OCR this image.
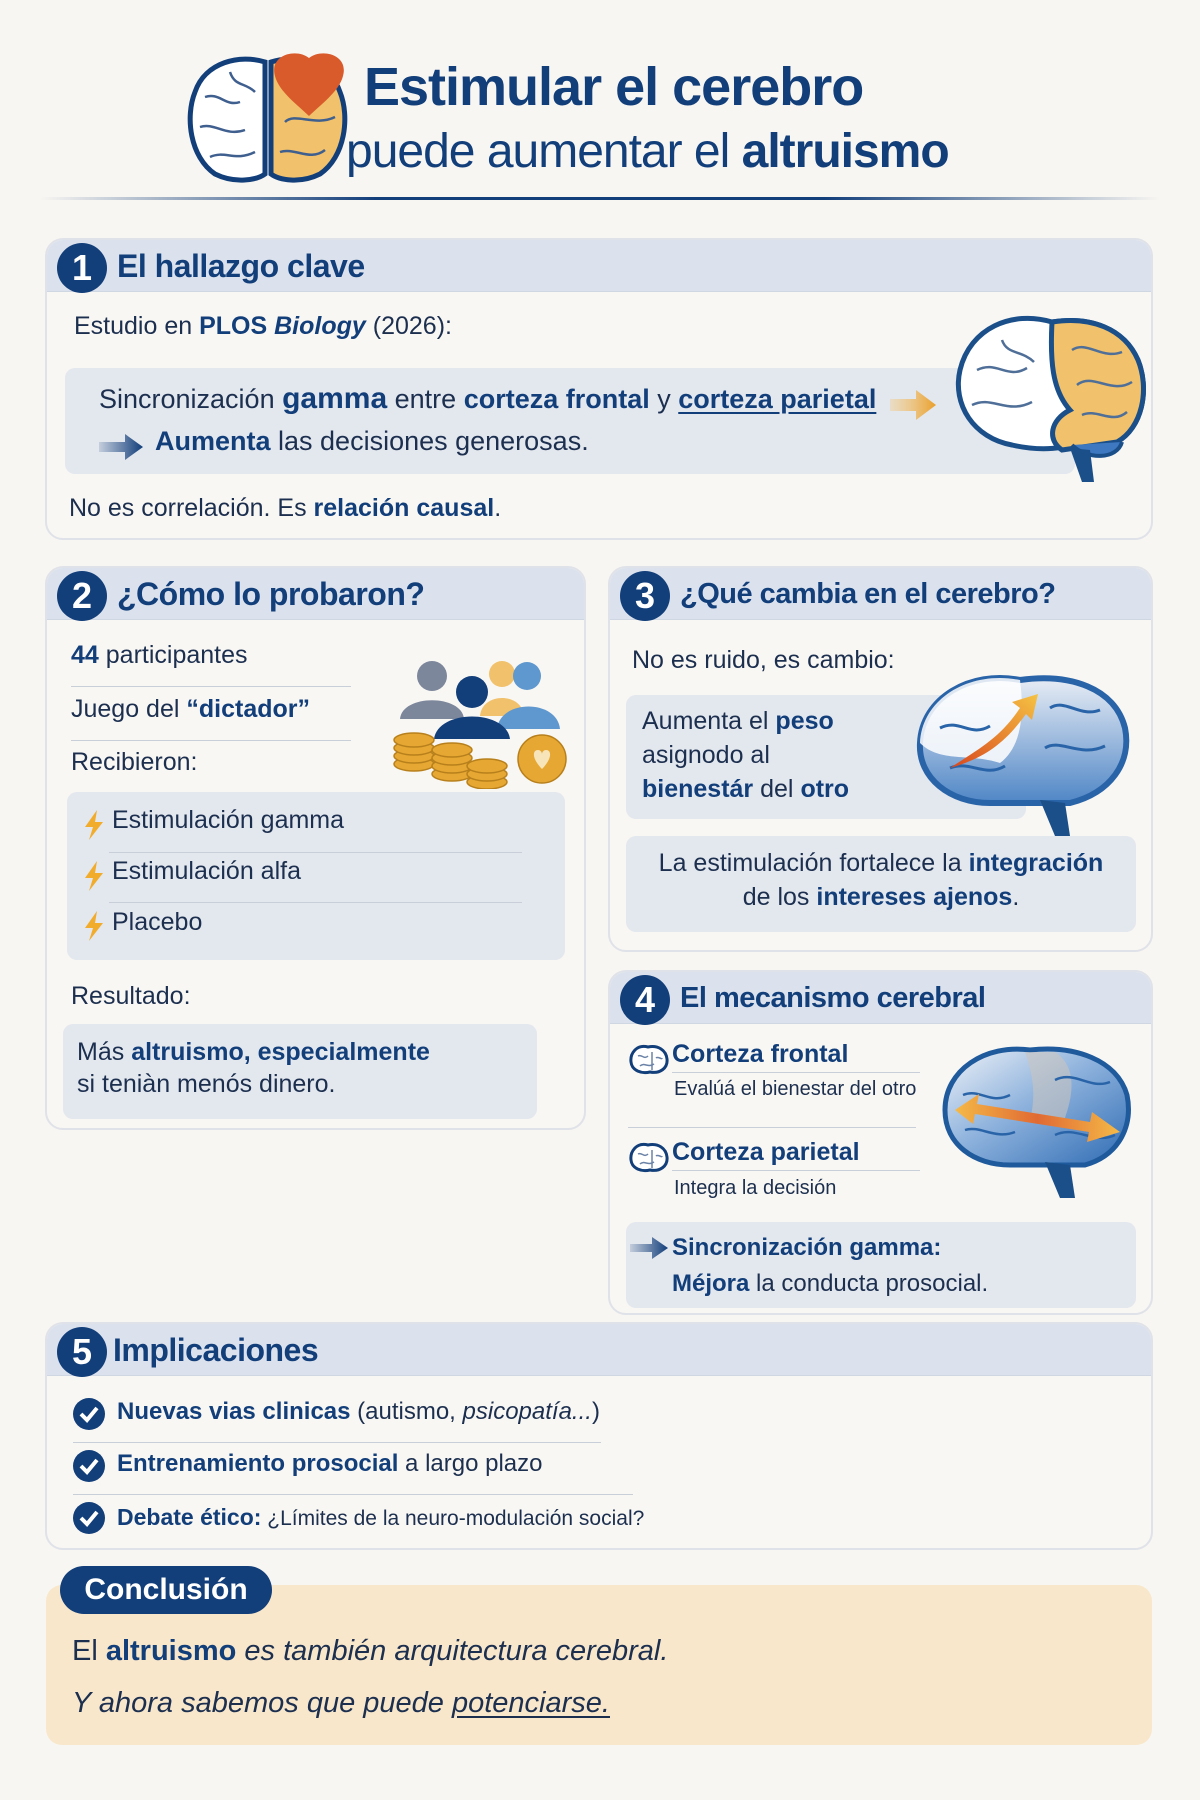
Estimular el cerebro
puede aumentar el altruismo
1 El hallazgo clave
Estudio en PLOS Biology (2026):
Sincronización gamma entre corteza frontal y corteza parietal
Aumenta las decisiones generosas.
No es correlación. Es relación causal.
2 ¿Cómo lo probaron?
44 participantes
Juego del “dictador”
Recibieron:
Estimulación gamma
Estimulación alfa
Placebo
Resultado:
Más altruismo, especialmente
si teniàn menós dinero.
3 ¿Qué cambia en el cerebro?
No es ruido, es cambio:
Aumenta el peso
asignodo al
bienestár del otro
La estimulación fortalece la integración
de los intereses ajenos.
4 El mecanismo cerebral
Corteza frontal
Evalúá el bienestar del otro
Corteza parietal
Integra la decisión
Sincronización gamma:
Méjora la conducta prosocial.
5 Implicaciones
Nuevas vias clinicas (autismo, psicopatía...)
Entrenamiento prosocial a largo plazo
Debate ético: ¿Límites de la neuro-modulación social?
El altruismo es también arquitectura cerebral.
Y ahora sabemos que puede potenciarse.
Conclusión
